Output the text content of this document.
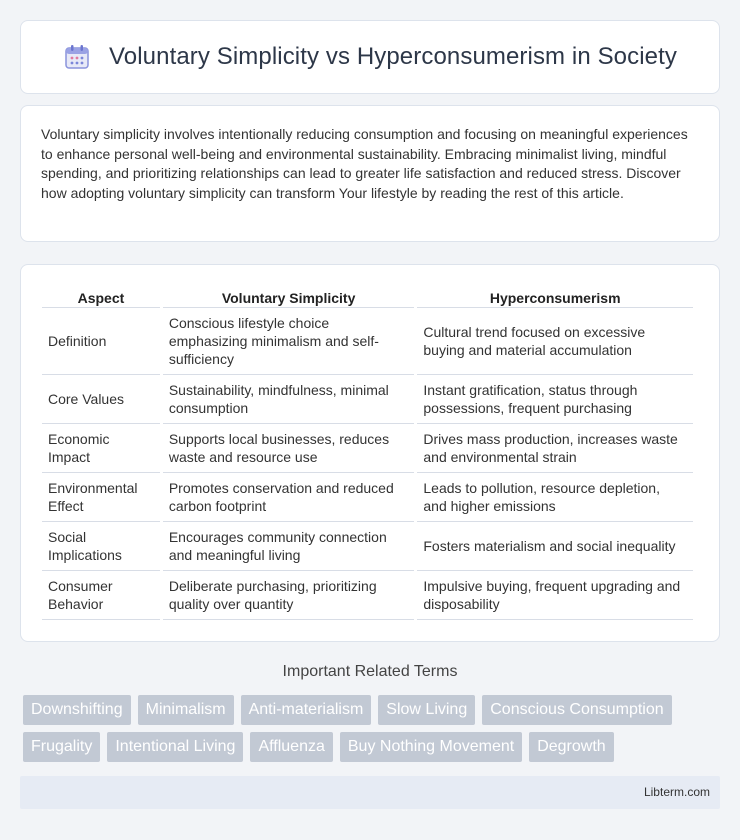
Voluntary Simplicity vs Hyperconsumerism in Society

Voluntary simplicity involves intentionally reducing consumption and focusing on meaningful experiences to enhance personal well-being and environmental sustainability. Embracing minimalist living, mindful spending, and prioritizing relationships can lead to greater life satisfaction and reduced stress. Discover how adopting voluntary simplicity can transform Your lifestyle by reading the rest of this article.

Aspect	Voluntary Simplicity	Hyperconsumerism
Definition	Conscious lifestyle choice emphasizing minimalism and self-sufficiency	Cultural trend focused on excessive buying and material accumulation
Core Values	Sustainability, mindfulness, minimal consumption	Instant gratification, status through possessions, frequent purchasing
Economic Impact	Supports local businesses, reduces waste and resource use	Drives mass production, increases waste and environmental strain
Environmental Effect	Promotes conservation and reduced carbon footprint	Leads to pollution, resource depletion, and higher emissions
Social Implications	Encourages community connection and meaningful living	Fosters materialism and social inequality
Consumer Behavior	Deliberate purchasing, prioritizing quality over quantity	Impulsive buying, frequent upgrading and disposability
Important Related Terms
Downshifting	Minimalism	Anti-materialism	Slow Living	Conscious Consumption
Frugality	Intentional Living	Affluenza	Buy Nothing Movement	Degrowth
Libterm.com
